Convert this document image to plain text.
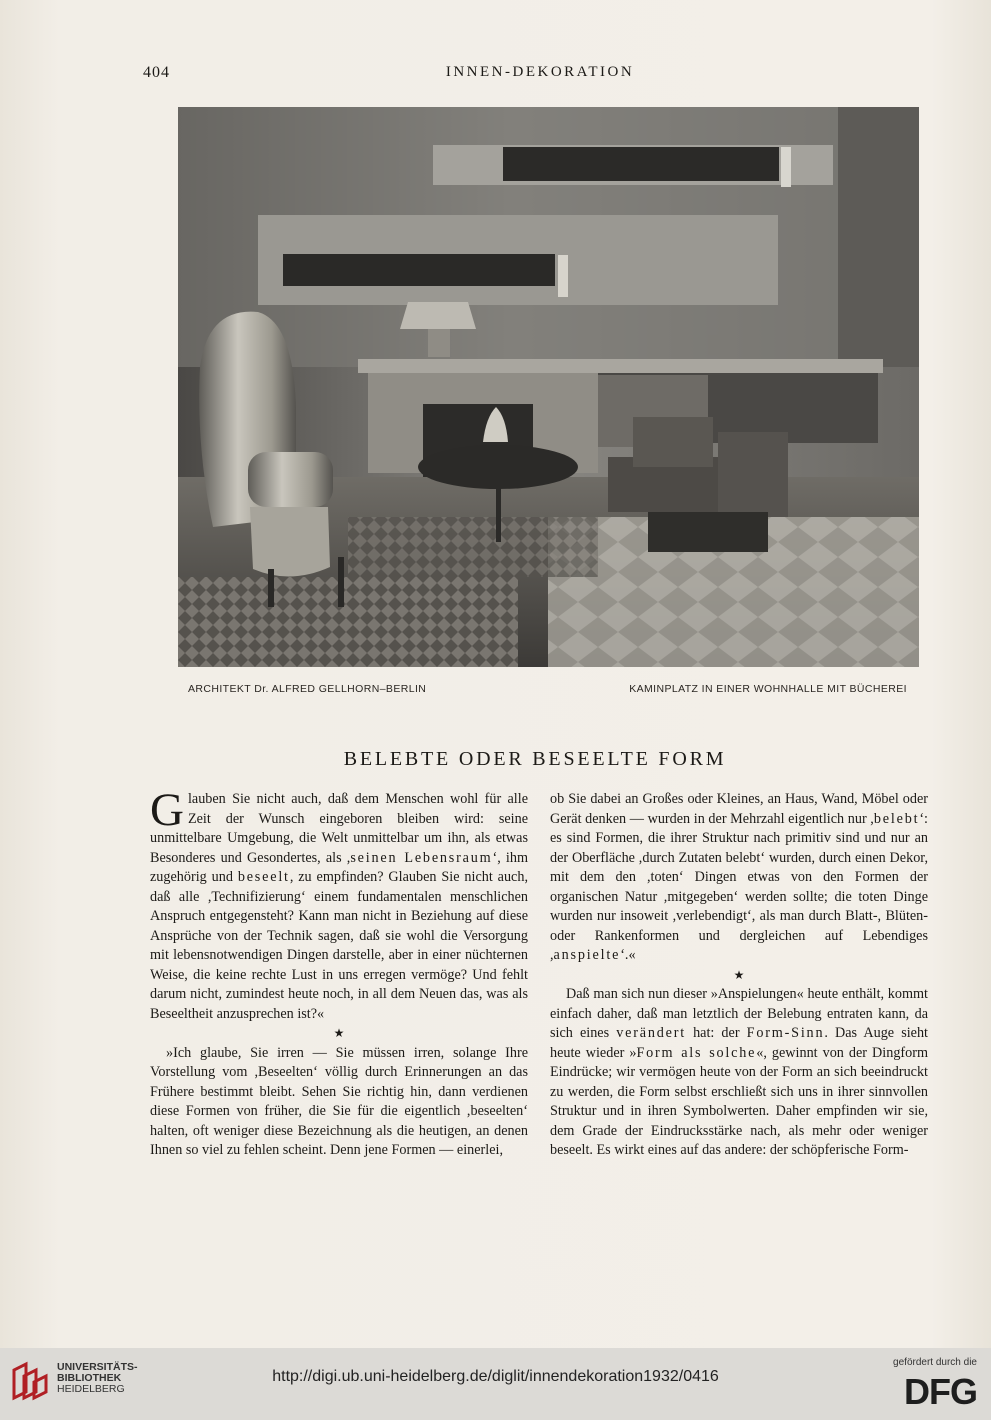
404	INNEN-DEKORATION
ARCHITEKT Dr. ALFRED GELLHORN–BERLIN	KAMINPLATZ IN EINER WOHNHALLE MIT BÜCHEREI
BELEBTE ODER BESEELTE FORM

Glauben Sie nicht auch, daß dem Menschen wohl für alle Zeit der Wunsch eingeboren bleiben wird: seine unmittelbare Umgebung, die Welt unmittelbar um ihn, als etwas Besonderes und Gesondertes, als ,seinen Lebensraum‘, ihm zugehörig und beseelt, zu empfinden? Glauben Sie nicht auch, daß alle ,Technifizierung‘ einem fundamentalen menschlichen Anspruch entgegensteht? Kann man nicht in Beziehung auf diese Ansprüche von der Technik sagen, daß sie wohl die Versorgung mit lebensnotwendigen Dingen darstelle, aber in einer nüchternen Weise, die keine rechte Lust in uns erregen vermöge? Und fehlt darum nicht, zumindest heute noch, in all dem Neuen das, was als Beseeltheit anzusprechen ist?«

★

»Ich glaube, Sie irren — Sie müssen irren, solange Ihre Vorstellung vom ,Beseelten‘ völlig durch Erinnerungen an das Frühere bestimmt bleibt. Sehen Sie richtig hin, dann verdienen diese Formen von früher, die Sie für die eigentlich ,beseelten‘ halten, oft weniger diese Bezeichnung als die heutigen, an denen Ihnen so viel zu fehlen scheint. Denn jene Formen — einerlei,

ob Sie dabei an Großes oder Kleines, an Haus, Wand, Möbel oder Gerät denken — wurden in der Mehrzahl eigentlich nur ,belebt‘: es sind Formen, die ihrer Struktur nach primitiv sind und nur an der Oberfläche ,durch Zutaten belebt‘ wurden, durch einen Dekor, mit dem den ,toten‘ Dingen etwas von den Formen der organischen Natur ,mitgegeben‘ werden sollte; die toten Dinge wurden nur insoweit ,verlebendigt‘, als man durch Blatt-, Blüten- oder Rankenformen und dergleichen auf Lebendiges ,anspielte‘.«

★

Daß man sich nun dieser »Anspielungen« heute enthält, kommt einfach daher, daß man letztlich der Belebung entraten kann, da sich eines verändert hat: der Form-Sinn. Das Auge sieht heute wieder »Form als solche«, gewinnt von der Dingform Eindrücke; wir vermögen heute von der Form an sich beeindruckt zu werden, die Form selbst erschließt sich uns in ihrer sinnvollen Struktur und in ihren Symbolwerten. Daher empfinden wir sie, dem Grade der Eindrucksstärke nach, als mehr oder weniger beseelt. Es wirkt eines auf das andere: der schöpferische Form-

UNIVERSITÄTS-
BIBLIOTHEK
HEIDELBERG
http://digi.ub.uni-heidelberg.de/diglit/innendekoration1932/0416
gefördert durch die
DFG
